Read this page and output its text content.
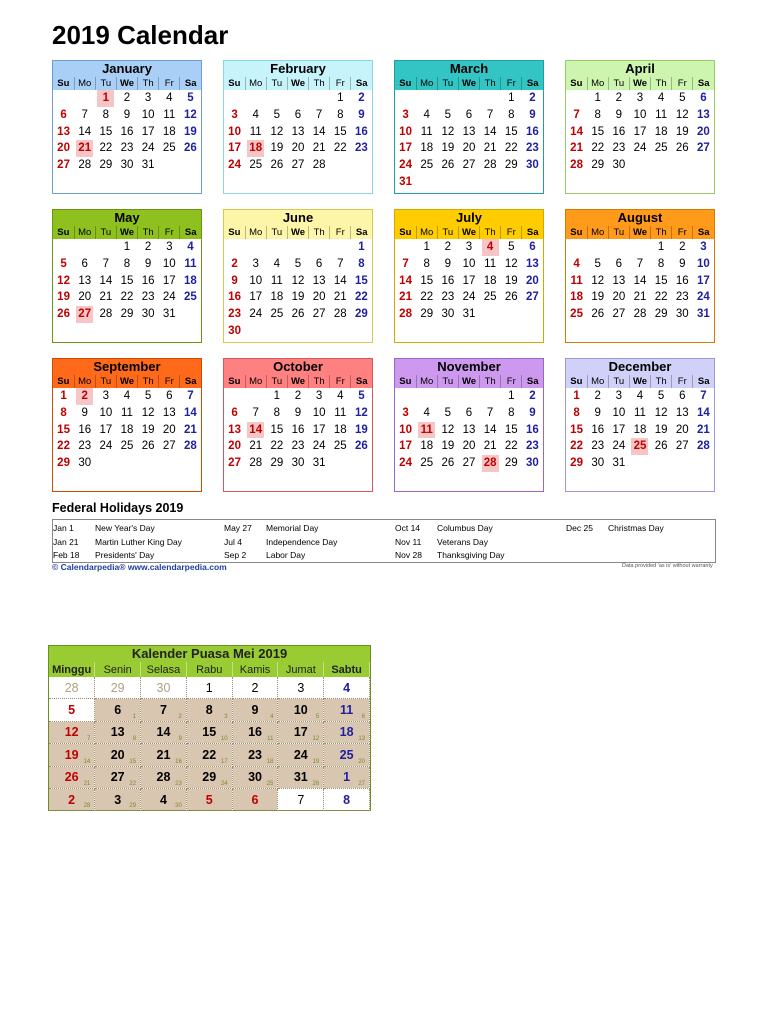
2019 Calendar
January
Su	Mo	Tu	We	Th	Fr	Sa
		1	2	3	4	5
6	7	8	9	10	11	12
13	14	15	16	17	18	19
20	21	22	23	24	25	26
27	28	29	30	31		

February
Su	Mo	Tu	We	Th	Fr	Sa
					1	2
3	4	5	6	7	8	9
10	11	12	13	14	15	16
17	18	19	20	21	22	23
24	25	26	27	28		

March
Su	Mo	Tu	We	Th	Fr	Sa
					1	2
3	4	5	6	7	8	9
10	11	12	13	14	15	16
17	18	19	20	21	22	23
24	25	26	27	28	29	30
31						
April
Su	Mo	Tu	We	Th	Fr	Sa
	1	2	3	4	5	6
7	8	9	10	11	12	13
14	15	16	17	18	19	20
21	22	23	24	25	26	27
28	29	30				

May
Su	Mo	Tu	We	Th	Fr	Sa
			1	2	3	4
5	6	7	8	9	10	11
12	13	14	15	16	17	18
19	20	21	22	23	24	25
26	27	28	29	30	31	

June
Su	Mo	Tu	We	Th	Fr	Sa
						1
2	3	4	5	6	7	8
9	10	11	12	13	14	15
16	17	18	19	20	21	22
23	24	25	26	27	28	29
30						
July
Su	Mo	Tu	We	Th	Fr	Sa
	1	2	3	4	5	6
7	8	9	10	11	12	13
14	15	16	17	18	19	20
21	22	23	24	25	26	27
28	29	30	31			

August
Su	Mo	Tu	We	Th	Fr	Sa
				1	2	3
4	5	6	7	8	9	10
11	12	13	14	15	16	17
18	19	20	21	22	23	24
25	26	27	28	29	30	31

September
Su	Mo	Tu	We	Th	Fr	Sa
1	2	3	4	5	6	7
8	9	10	11	12	13	14
15	16	17	18	19	20	21
22	23	24	25	26	27	28
29	30					

October
Su	Mo	Tu	We	Th	Fr	Sa
		1	2	3	4	5
6	7	8	9	10	11	12
13	14	15	16	17	18	19
20	21	22	23	24	25	26
27	28	29	30	31		

November
Su	Mo	Tu	We	Th	Fr	Sa
					1	2
3	4	5	6	7	8	9
10	11	12	13	14	15	16
17	18	19	20	21	22	23
24	25	26	27	28	29	30

December
Su	Mo	Tu	We	Th	Fr	Sa
1	2	3	4	5	6	7
8	9	10	11	12	13	14
15	16	17	18	19	20	21
22	23	24	25	26	27	28
29	30	31				

Federal Holidays 2019
Jan 1 New Year's Day
Jan 21 Martin Luther King Day
Feb 18 Presidents' Day
May 27 Memorial Day
Jul 4	Independence Day
Sep 2 Labor Day
Oct 14 Columbus Day
Nov 11 Veterans Day
Nov 28 Thanksgiving Day
Dec 25 Christmas Day
© Calendarpedia® www.calendarpedia.com	Data provided 'as is' without warranty
Kalender Puasa Mei 2019
Minggu	Senin	Selasa	Rabu	Kamis	Jumat	Sabtu
28	29	30	1	2	3	4
5	6 1	7 2	8 3	9 4	10 5	11 6

12 7	13 8	14 9	15 10	16 11	17 12	18 13

19 14	20 15	21 16	22 17	23 18	24 19	25 20

26 21	27 22	28 23	29 24	30 25	31 26	1 27

2 28	3 29	4 30	5	6	7	8
